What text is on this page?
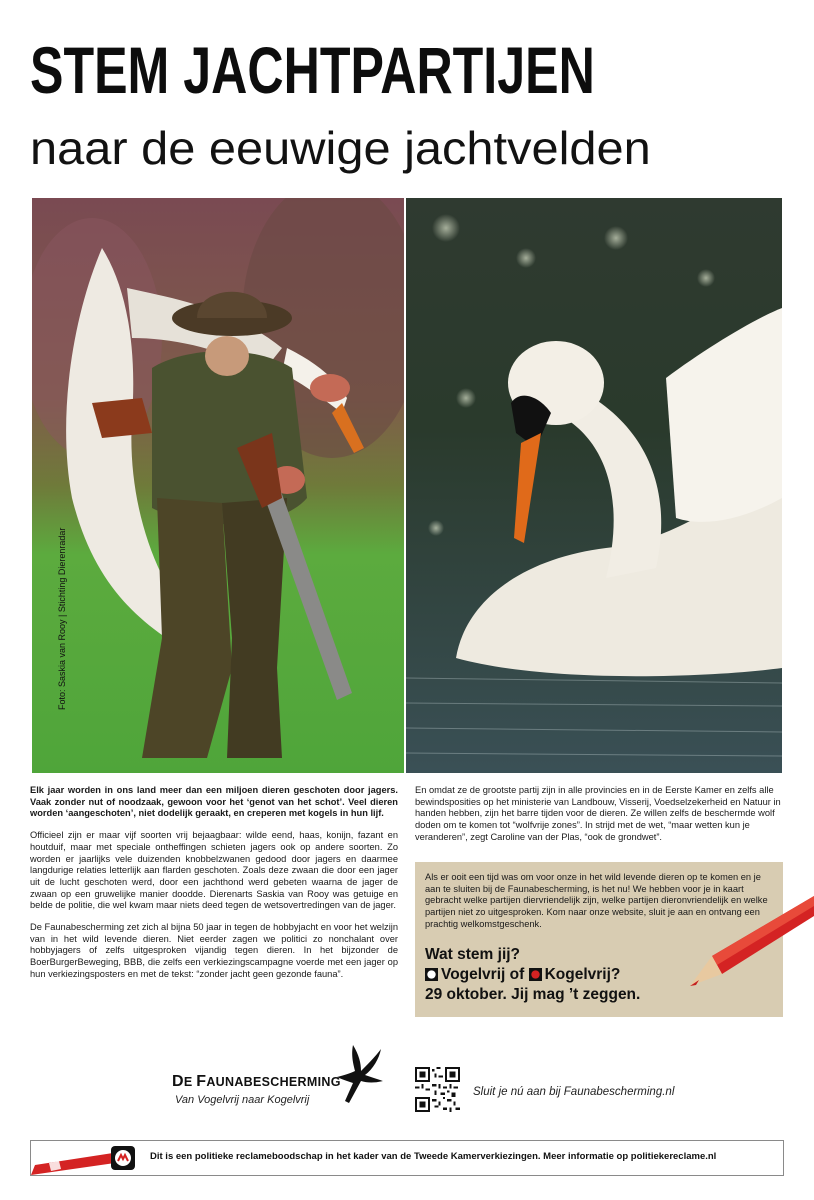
STEM JACHTPARTIJEN
naar de eeuwige jachtvelden
Foto: Saskia van Rooy | Stichting Dierenradar

Elk jaar worden in ons land meer dan een miljoen dieren geschoten door jagers. Vaak zonder nut of noodzaak, gewoon voor het ‘genot van het schot’. Veel dieren worden ‘aangeschoten’, niet dodelijk geraakt, en creperen met kogels in hun lijf.

Officieel zijn er maar vijf soorten vrij bejaagbaar: wilde eend, haas, konijn, fazant en houtduif, maar met speciale ontheffingen schieten jagers ook op andere soorten. Zo worden er jaarlijks vele duizenden knobbelzwanen gedood door jagers en daarmee langdurige relaties letterlijk aan flarden geschoten. Zoals deze zwaan die door een jager uit de lucht geschoten werd, door een jachthond werd gebeten waarna de jager de zwaan op een gruwelijke manier doodde. Dierenarts Saskia van Rooy was getuige en belde de politie, die wel kwam maar niets deed tegen de wetsovertredingen van de jager.

De Faunabescherming zet zich al bijna 50 jaar in tegen de hobbyjacht en voor het welzijn van in het wild levende dieren. Niet eerder zagen we politici zo nonchalant over hobbyjagers of zelfs uitgesproken vijandig tegen dieren. In het bijzonder de BoerBurgerBeweging, BBB, die zelfs een verkiezingscampagne voerde met een jager op hun verkiezingsposters en met de tekst: “zonder jacht geen gezonde fauna”.

En omdat ze de grootste partij zijn in alle provincies en in de Eerste Kamer en zelfs alle bewindsposities op het ministerie van Landbouw, Visserij, Voedselzekerheid en Natuur in handen hebben, zijn het barre tijden voor de dieren. Ze willen zelfs de beschermde wolf doden om te komen tot “wolfvrije zones”. In strijd met de wet, “maar wetten kun je veranderen”, zegt Caroline van der Plas, “ook de grondwet”.

Als er ooit een tijd was om voor onze in het wild levende dieren op te komen en je aan te sluiten bij de Faunabescherming, is het nu! We hebben voor je in kaart gebracht welke partijen diervriendelijk zijn, welke partijen dieronvriendelijk en welke partijen niet zo uitgesproken. Kom naar onze website, sluit je aan en ontvang een prachtig welkomstgeschenk.
Wat stem jij?
Vogelvrij of Kogelvrij?
29 oktober. Jij mag ’t zeggen.
DE FAUNABESCHERMING
Van Vogelvrij naar Kogelvrij
Sluit je nú aan bij Faunabescherming.nl
Dit is een politieke reclameboodschap in het kader van de Tweede Kamerverkiezingen. Meer informatie op politiekereclame.nl
